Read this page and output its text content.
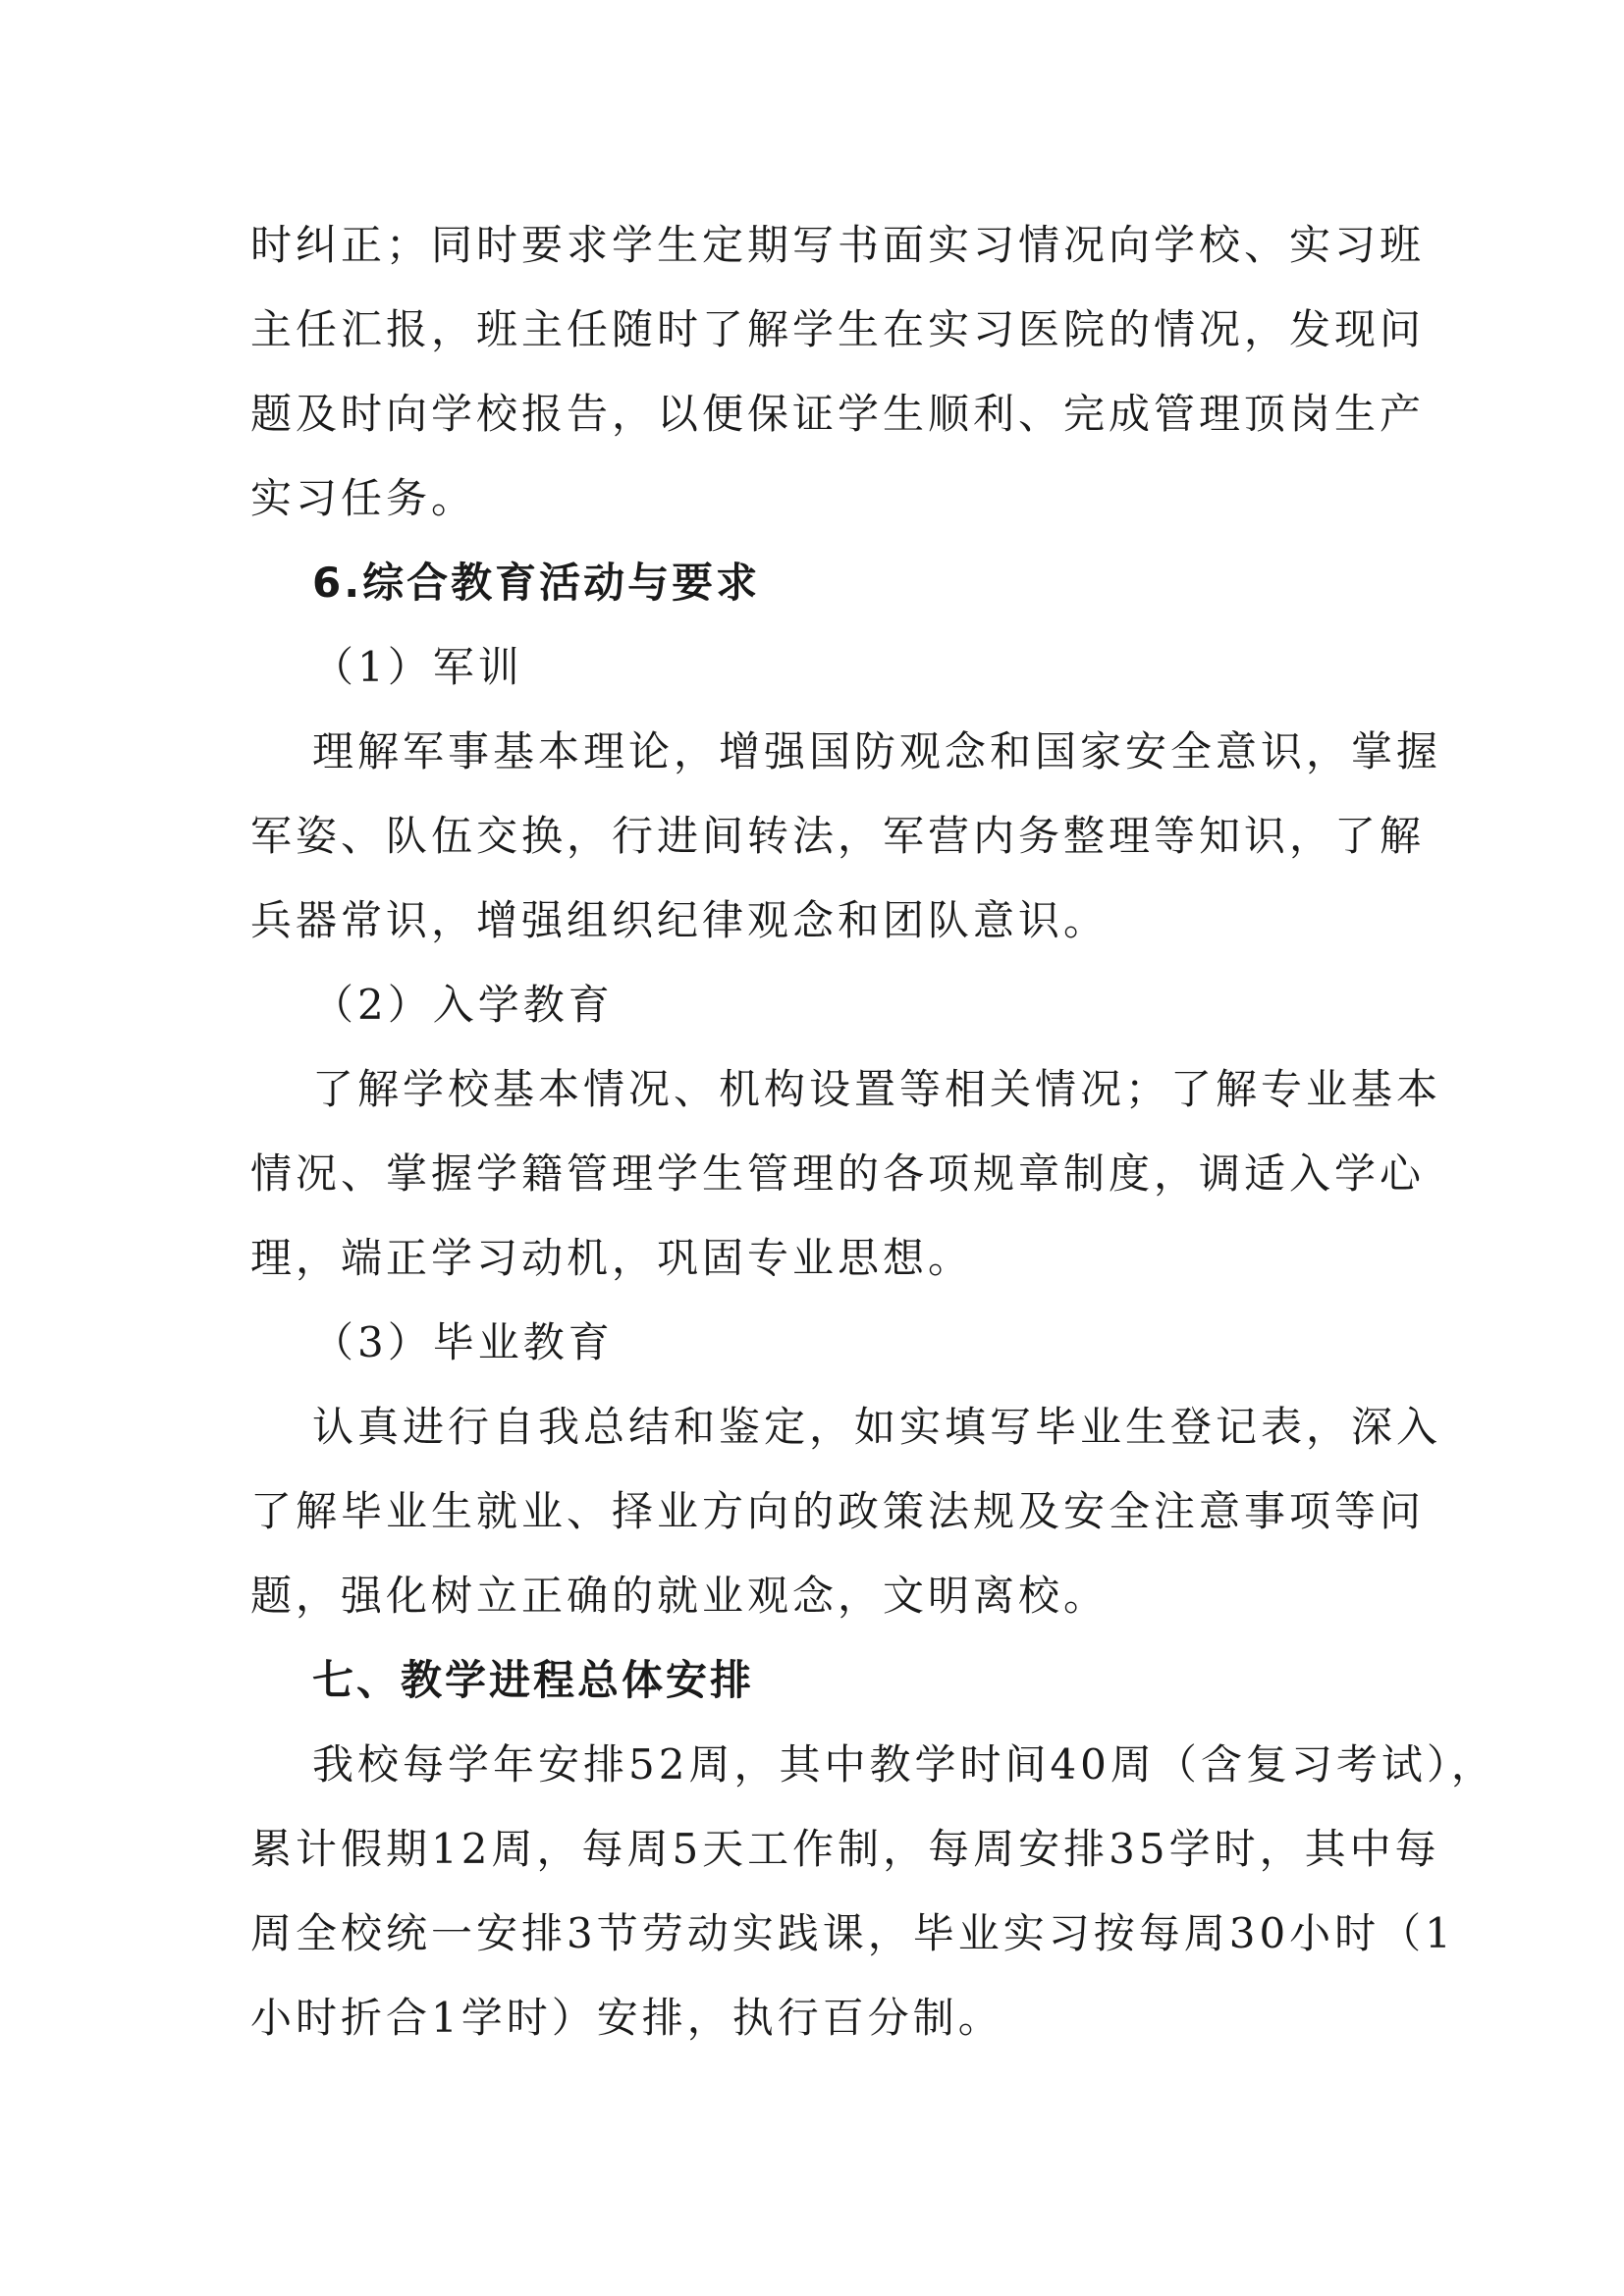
时纠正；同时要求学生定期写书面实习情况向学校、实习班
主任汇报，班主任随时了解学生在实习医院的情况，发现问
题及时向学校报告，以便保证学生顺利、完成管理顶岗生产
实习任务。
6.综合教育活动与要求
（1）军训
理解军事基本理论，增强国防观念和国家安全意识，掌握
军姿、队伍交换，行进间转法，军营内务整理等知识，了解
兵器常识，增强组织纪律观念和团队意识。
（2）入学教育
了解学校基本情况、机构设置等相关情况；了解专业基本
情况、掌握学籍管理学生管理的各项规章制度，调适入学心
理，端正学习动机，巩固专业思想。
（3）毕业教育
认真进行自我总结和鉴定，如实填写毕业生登记表，深入
了解毕业生就业、择业方向的政策法规及安全注意事项等问
题，强化树立正确的就业观念，文明离校。
七、教学进程总体安排
我校每学年安排52周，其中教学时间40周（含复习考试），
累计假期12周，每周5天工作制，每周安排35学时，其中每
周全校统一安排3节劳动实践课，毕业实习按每周30小时（1
小时折合1学时）安排，执行百分制。
